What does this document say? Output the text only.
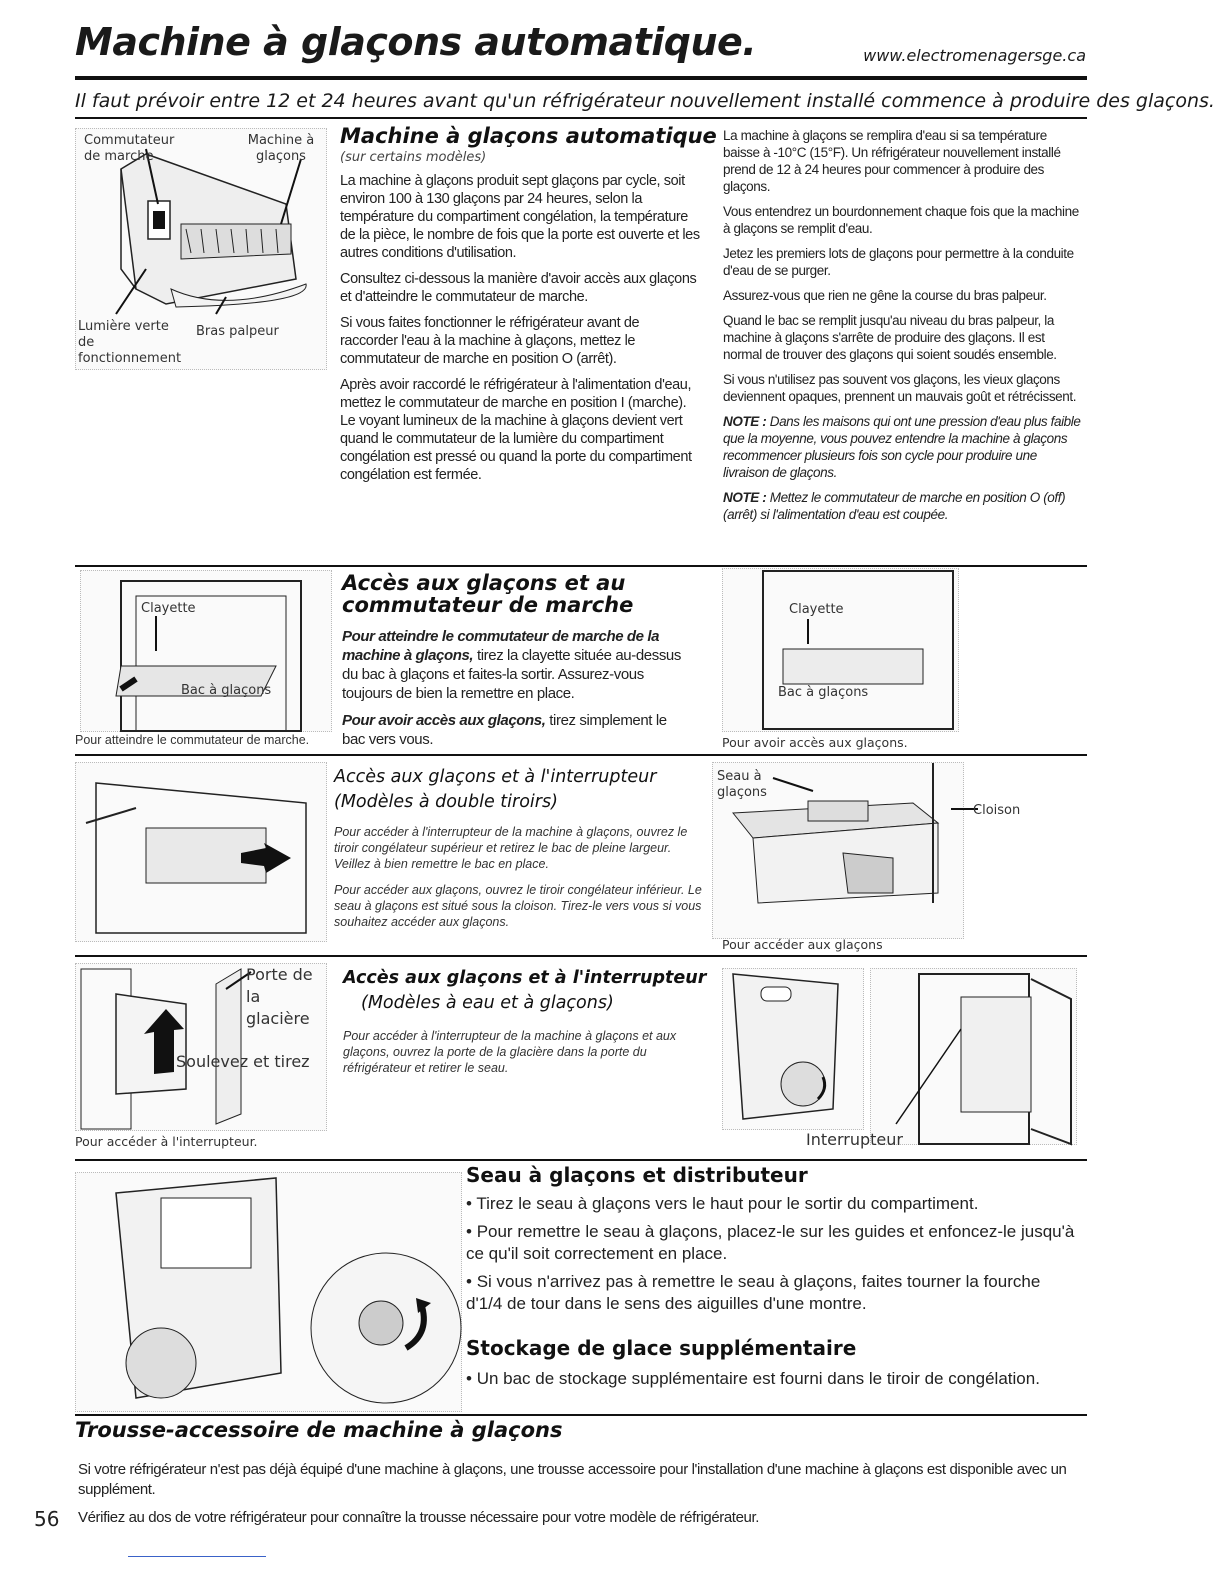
Machine à glaçons automatique.	www.electromenagersge.ca
Il faut prévoir entre 12 et 24 heures avant qu'un réfrigérateur nouvellement installé commence à produire des glaçons.
Commutateur de marche
Machine à glaçons
Lumière verte de fonctionnement
Bras palpeur
Machine à glaçons automatique
(sur certains modèles)

La machine à glaçons produit sept glaçons par cycle, soit environ 100 à 130 glaçons par 24 heures, selon la température du compartiment congélation, la température de la pièce, le nombre de fois que la porte est ouverte et les autres conditions d'utilisation.

Consultez ci-dessous la manière d'avoir accès aux glaçons et d'atteindre le commutateur de marche.

Si vous faites fonctionner le réfrigérateur avant de raccorder l'eau à la machine à glaçons, mettez le commutateur de marche en position O (arrêt).

Après avoir raccordé le réfrigérateur à l'alimentation d'eau, mettez le commutateur de marche en position I (marche). Le voyant lumineux de la machine à glaçons devient vert quand le commutateur de la lumière du compartiment congélation est pressé ou quand la porte du compartiment congélation est fermée.

La machine à glaçons se remplira d'eau si sa température baisse à -10°C (15°F). Un réfrigérateur nouvellement installé prend de 12 à 24 heures pour commencer à produire des glaçons.

Vous entendrez un bourdonnement chaque fois que la machine à glaçons se remplit d'eau.

Jetez les premiers lots de glaçons pour permettre à la conduite d'eau de se purger.

Assurez-vous que rien ne gêne la course du bras palpeur.

Quand le bac se remplit jusqu'au niveau du bras palpeur, la machine à glaçons s'arrête de produire des glaçons. Il est normal de trouver des glaçons qui soient soudés ensemble.

Si vous n'utilisez pas souvent vos glaçons, les vieux glaçons deviennent opaques, prennent un mauvais goût et rétrécissent.

NOTE : Dans les maisons qui ont une pression d'eau plus faible que la moyenne, vous pouvez entendre la machine à glaçons recommencer plusieurs fois son cycle pour produire une livraison de glaçons.

NOTE : Mettez le commutateur de marche en position O (off) (arrêt) si l'alimentation d'eau est coupée.

Clayette
Bac à glaçons
Pour atteindre le commutateur de marche.
Accès aux glaçons et au
commutateur de marche

Pour atteindre le commutateur de marche de la machine à glaçons, tirez la clayette située au-dessus du bac à glaçons et faites-la sortir. Assurez-vous toujours de bien la remettre en place.

Pour avoir accès aux glaçons, tirez simplement le bac vers vous.

Clayette
Bac à glaçons
Pour avoir accès aux glaçons.
Accès aux glaçons et à l'interrupteur
(Modèles à double tiroirs)

Pour accéder à l'interrupteur de la machine à glaçons, ouvrez le tiroir congélateur supérieur et retirez le bac de pleine largeur. Veillez à bien remettre le bac en place.

Pour accéder aux glaçons, ouvrez le tiroir congélateur inférieur. Le seau à glaçons est situé sous la cloison. Tirez-le vers vous si vous souhaitez accéder aux glaçons.

Seau à glaçons
Cloison
Pour accéder aux glaçons
Porte de la glacière
Soulevez et tirez
Pour accéder à l'interrupteur.
Accès aux glaçons et à l'interrupteur
(Modèles à eau et à glaçons)

Pour accéder à l'interrupteur de la machine à glaçons et aux glaçons, ouvrez la porte de la glacière dans la porte du réfrigérateur et retirer le seau.

Interrupteur
Seau à glaçons et distributeur

• Tirez le seau à glaçons vers le haut pour le sortir du compartiment.

• Pour remettre le seau à glaçons, placez-le sur les guides et enfoncez-le jusqu'à ce qu'il soit correctement en place.

• Si vous n'arrivez pas à remettre le seau à glaçons, faites tourner la fourche d'1/4 de tour dans le sens des aiguilles d'une montre.

Stockage de glace supplémentaire

• Un bac de stockage supplémentaire est fourni dans le tiroir de congélation.

Trousse-accessoire de machine à glaçons

Si votre réfrigérateur n'est pas déjà équipé d'une machine à glaçons, une trousse accessoire pour l'installation d'une machine à glaçons est disponible avec un supplément.

Vérifiez au dos de votre réfrigérateur pour connaître la trousse nécessaire pour votre modèle de réfrigérateur.

56
